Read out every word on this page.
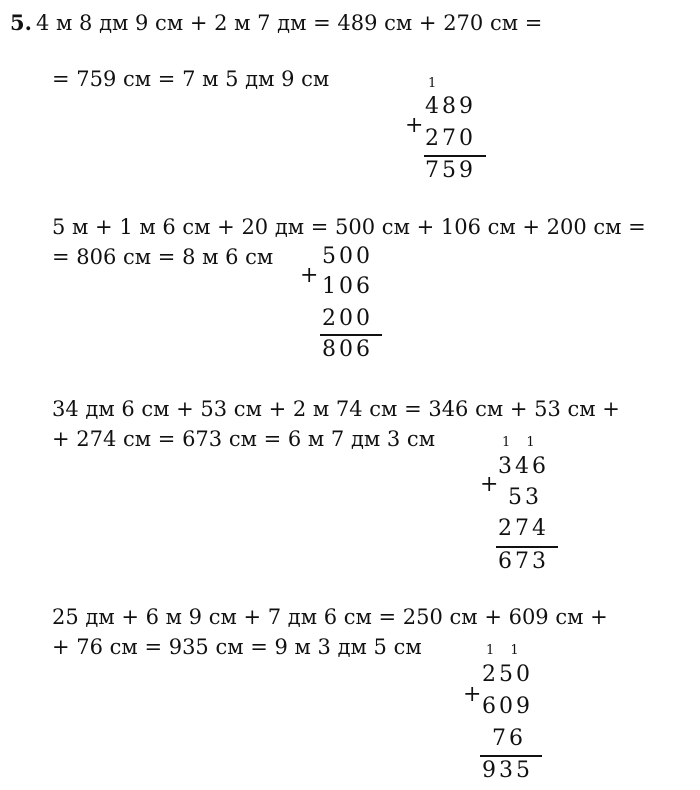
5. 4 м 8 дм 9 см + 2 м 7 дм = 489 см + 270 см =
= 759 см = 7 м 5 дм 9 см	1
+
489
270
759
5 м + 1 м 6 см + 20 дм = 500 см + 106 см + 200 см =
= 806 см = 8 м 6 см
+
500
106
200
806
34 дм 6 см + 53 см + 2 м 74 см = 346 см + 53 см +
+ 274 см = 673 см = 6 м 7 дм 3 см	1 1
+
346
53
274
673
25 дм + 6 м 9 см + 7 дм 6 см = 250 см + 609 см +
+ 76 см = 935 см = 9 м 3 дм 5 см	1 1
+
250
609
76
935
